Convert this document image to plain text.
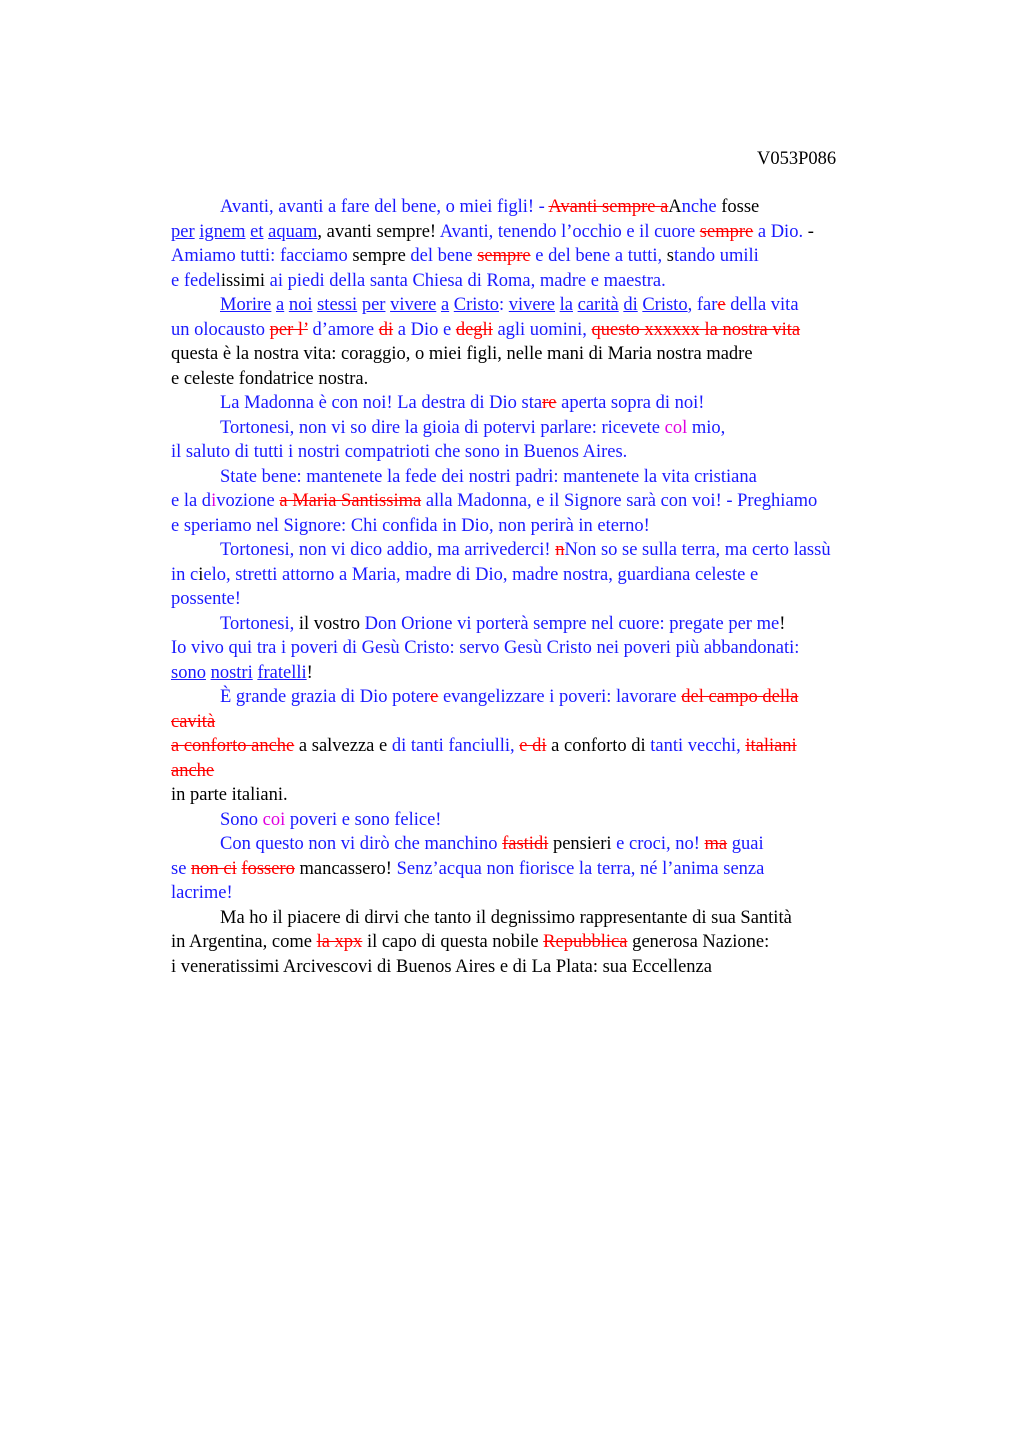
V053P086
Avanti, avanti a fare del bene, o miei figli! - Avanti sempre aAnche fosse
per ignem et aquam, avanti sempre! Avanti, tenendo l’occhio e il cuore sempre a Dio. -
Amiamo tutti: facciamo sempre del bene sempre e del bene a tutti, stando umili
e fedelissimi ai piedi della santa Chiesa di Roma, madre e maestra.
Morire a noi stessi per vivere a Cristo: vivere la carità di Cristo, fare della vita
un olocausto per l’ d’amore di a Dio e degli agli uomini, questo xxxxxx la nostra vita
questa è la nostra vita: coraggio, o miei figli, nelle mani di Maria nostra madre
e celeste fondatrice nostra.
La Madonna è con noi! La destra di Dio stare aperta sopra di noi!
Tortonesi, non vi so dire la gioia di potervi parlare: ricevete col mio,
il saluto di tutti i nostri compatrioti che sono in Buenos Aires.
State bene: mantenete la fede dei nostri padri: mantenete la vita cristiana
e la divozione a Maria Santissima alla Madonna, e il Signore sarà con voi! - Preghiamo
e speriamo nel Signore: Chi confida in Dio, non perirà in eterno!
Tortonesi, non vi dico addio, ma arrivederci! nNon so se sulla terra, ma certo lassù
in cielo, stretti attorno a Maria, madre di Dio, madre nostra, guardiana celeste e
possente!
Tortonesi, il vostro Don Orione vi porterà sempre nel cuore: pregate per me!
Io vivo qui tra i poveri di Gesù Cristo: servo Gesù Cristo nei poveri più abbandonati:
sono nostri fratelli!
È grande grazia di Dio potere evangelizzare i poveri: lavorare del campo della
cavità
a conforto anche a salvezza e di tanti fanciulli, e di a conforto di tanti vecchi, italiani
anche
in parte italiani.
Sono coi poveri e sono felice!
Con questo non vi dirò che manchino fastidi pensieri e croci, no! ma guai
se non ci fossero mancassero! Senz’acqua non fiorisce la terra, né l’anima senza
lacrime!
Ma ho il piacere di dirvi che tanto il degnissimo rappresentante di sua Santità
in Argentina, come la xpx il capo di questa nobile Repubblica generosa Nazione:
i veneratissimi Arcivescovi di Buenos Aires e di La Plata: sua Eccellenza
